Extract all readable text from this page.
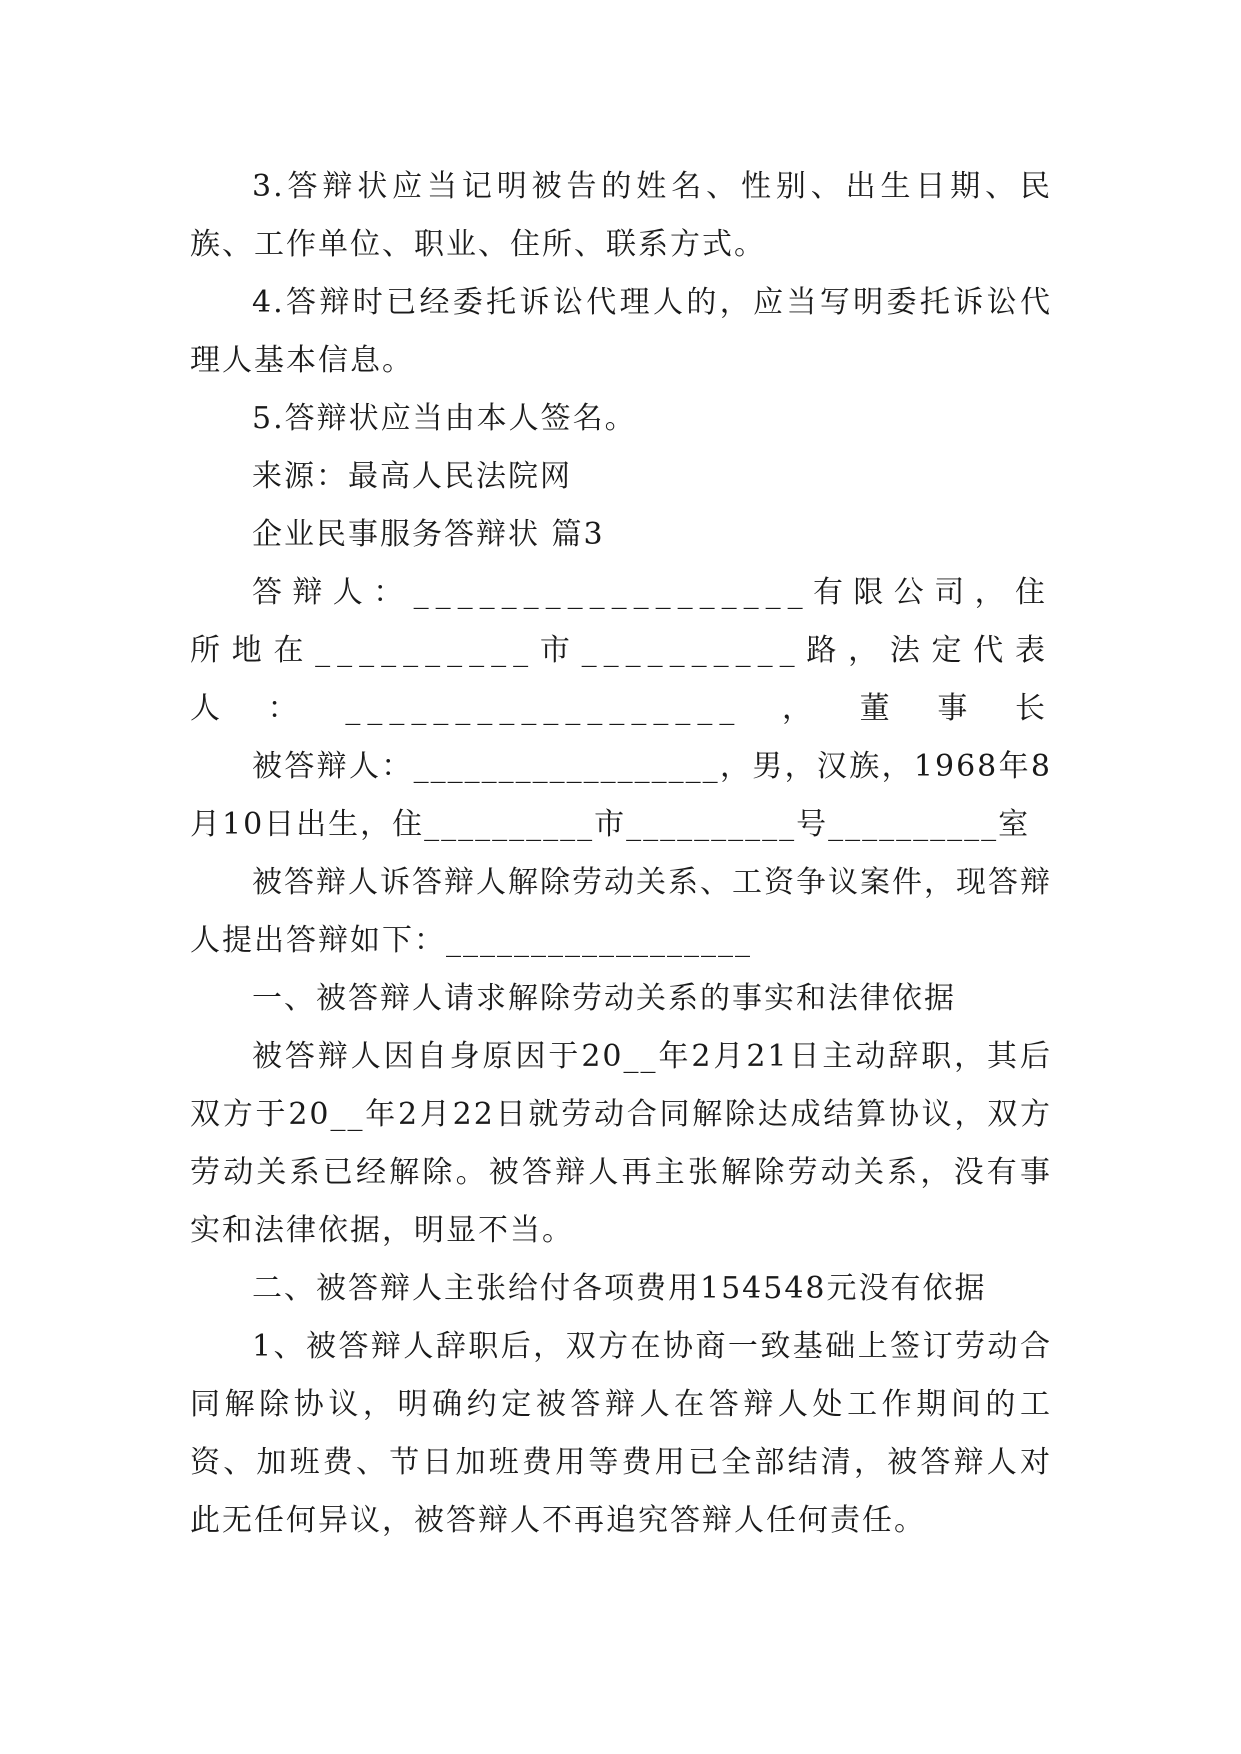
3.答辩状应当记明被告的姓名、性别、出生日期、民族、工作单位、职业、住所、联系方式。

4.答辩时已经委托诉讼代理人的，应当写明委托诉讼代理人基本信息。

5.答辩状应当由本人签名。

来源：最高人民法院网

企业民事服务答辩状 篇3

答辩人：__________________有限公司，住所地在__________市__________路，法定代表人：__________________，董事长

被答辩人：__________________，男，汉族，1968年8月10日出生，住__________市__________号__________室

被答辩人诉答辩人解除劳动关系、工资争议案件，现答辩人提出答辩如下：__________________

一、被答辩人请求解除劳动关系的事实和法律依据

被答辩人因自身原因于20__年2月21日主动辞职，其后双方于20__年2月22日就劳动合同解除达成结算协议，双方劳动关系已经解除。被答辩人再主张解除劳动关系，没有事实和法律依据，明显不当。

二、被答辩人主张给付各项费用154548元没有依据

1、被答辩人辞职后，双方在协商一致基础上签订劳动合同解除协议，明确约定被答辩人在答辩人处工作期间的工资、加班费、节日加班费用等费用已全部结清，被答辩人对此无任何异议，被答辩人不再追究答辩人任何责任。
